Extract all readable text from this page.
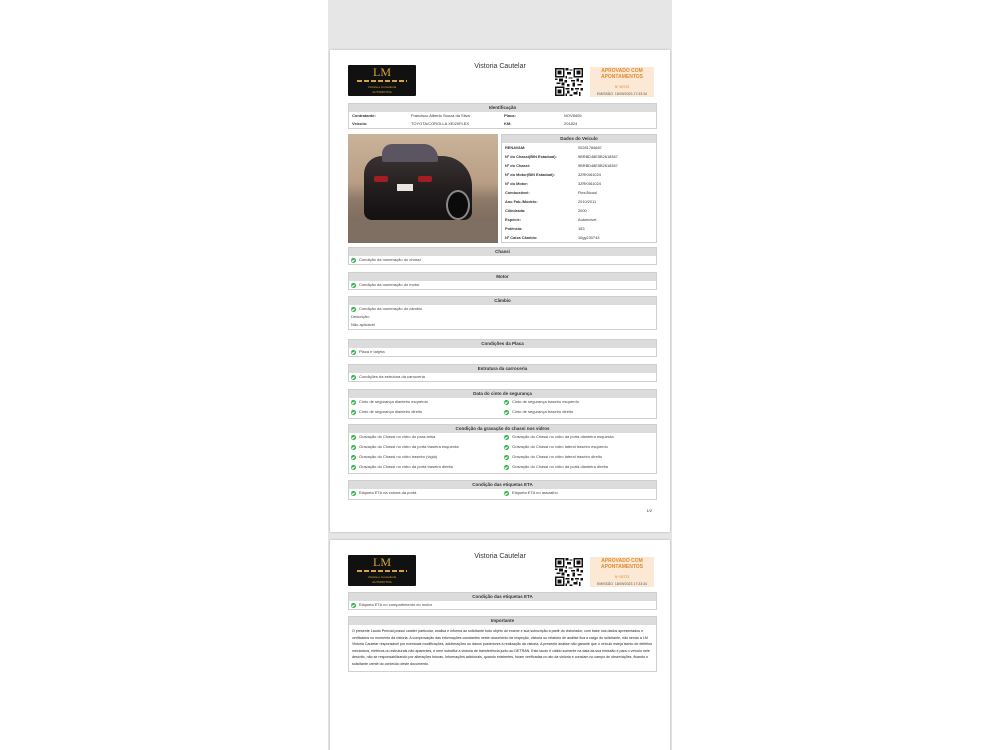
LM
Vistoria e Consultoria
AUTOMOTIVA
Vistoria Cautelar
APROVADO COM APONTAMENTOS
Nº 65723
EMISSÃO 18/09/2023 17:33:34
Identificação
Contratante:	Francisco Alberto Souza da Silva	Placa:	NOV8405
Veículo:	TOYOTA/COROLLA XEI20FLEX	KM:	201824
Dados do Veículo
RENAVAM:	00281784687
Nº do Chassi(BIN Estadual):	9BRBD48E5B2618367
Nº do Chassi:	9BRBD48E5B2618367
Nº do Motor(BIN Estadual):	3ZRK061024
Nº do Motor:	3ZRK061024
Combustível:	Flex/Álcool
Ano Fab./Modelo:	2010/2011
Cilindrada:	2000
Espécie:	Automóvel
Potência:	153
Nº Caixa Câmbio:	10gy230743
Chassi
Condição da numeração do chassi
Motor
Condição da numeração do motor
Câmbio
Condição da numeração do câmbio
Descrição:
Não aplicável
Condições da Placa
Placa e tarjeta
Estrutura da carroceria
Condições da estrutura da carroceria
Data do cinto de segurança
Cinto de segurança dianteiro esquerdo	Cinto de segurança traseiro esquerdo
Cinto de segurança dianteiro direito	Cinto de segurança traseiro direito
Condição da gravação do chassi nos vidros
Gravação do Chassi no vidro do para-brisa	Gravação do Chassi no vidro da porta dianteira esquerda
Gravação do Chassi no vidro da porta traseira esquerda	Gravação do Chassi no vidro lateral traseiro esquerdo
Gravação do Chassi no vidro traseiro (vigia)	Gravação do Chassi no vidro lateral traseiro direito
Gravação do Chassi no vidro da porta traseira direita	Gravação do Chassi no vidro da porta dianteira direita
Condição das etiquetas ETA
Etiqueta ETA na coluna da porta	Etiqueta ETA no assoalho
1/2
LM
Vistoria e Consultoria
AUTOMOTIVA
Vistoria Cautelar
APROVADO COM APONTAMENTOS
Nº 65723
EMISSÃO 18/09/2023 17:33:34
Condição das etiquetas ETA
Etiqueta ETA no compartimento do motor
Importante
O presente Laudo Pericial possui caráter particular, analisa e informa ao solicitante todo objeto do exame e sua subscrição a partir do vistoriador, com base nos dados apresentados e verificados no momento da vistoria. A comprovação das informações constantes neste documento de inspeção, vistoria ou relatório de análise fica a cargo do solicitante, não sendo a LM Vistoria Cautelar responsável por eventuais modificações, adulterações ou danos posteriores à realização da vistoria. A presente análise não garante que o veículo esteja isento de defeitos mecânicos, elétricos ou estruturais não aparentes, e nem substitui a vistoria de transferência junto ao DETRAN. Este laudo é válido somente na data da sua emissão e para o veículo nele descrito, não se responsabilizando por alterações futuras. Informações adicionais, quando existentes, foram verificadas no ato da vistoria e constam no campo de observações, ficando o solicitante ciente do conteúdo deste documento.
